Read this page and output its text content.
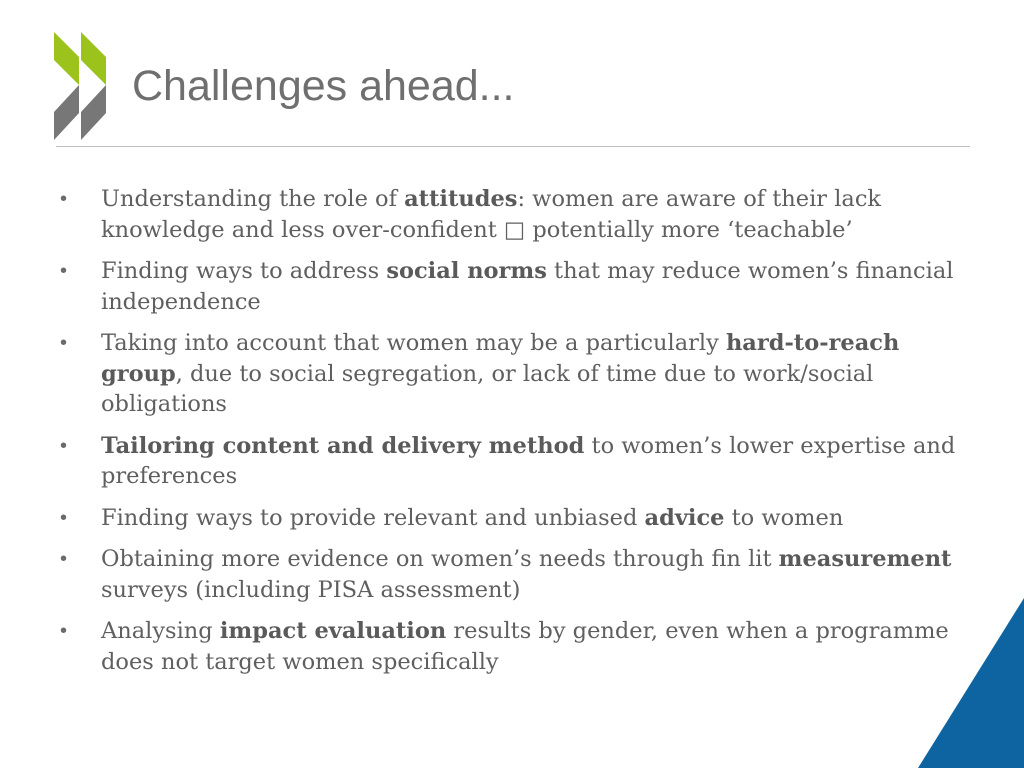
Challenges ahead...
• Understanding the role of attitudes: women are aware of their lack knowledge and less over-confident □ potentially more ‘teachable’
• Finding ways to address social norms that may reduce women’s financial independence
• Taking into account that women may be a particularly hard-to-reach group, due to social segregation, or lack of time due to work/social obligations
• Tailoring content and delivery method to women’s lower expertise and preferences
• Finding ways to provide relevant and unbiased advice to women
• Obtaining more evidence on women’s needs through fin lit measurement surveys (including PISA assessment)
• Analysing impact evaluation results by gender, even when a programme does not target women specifically
